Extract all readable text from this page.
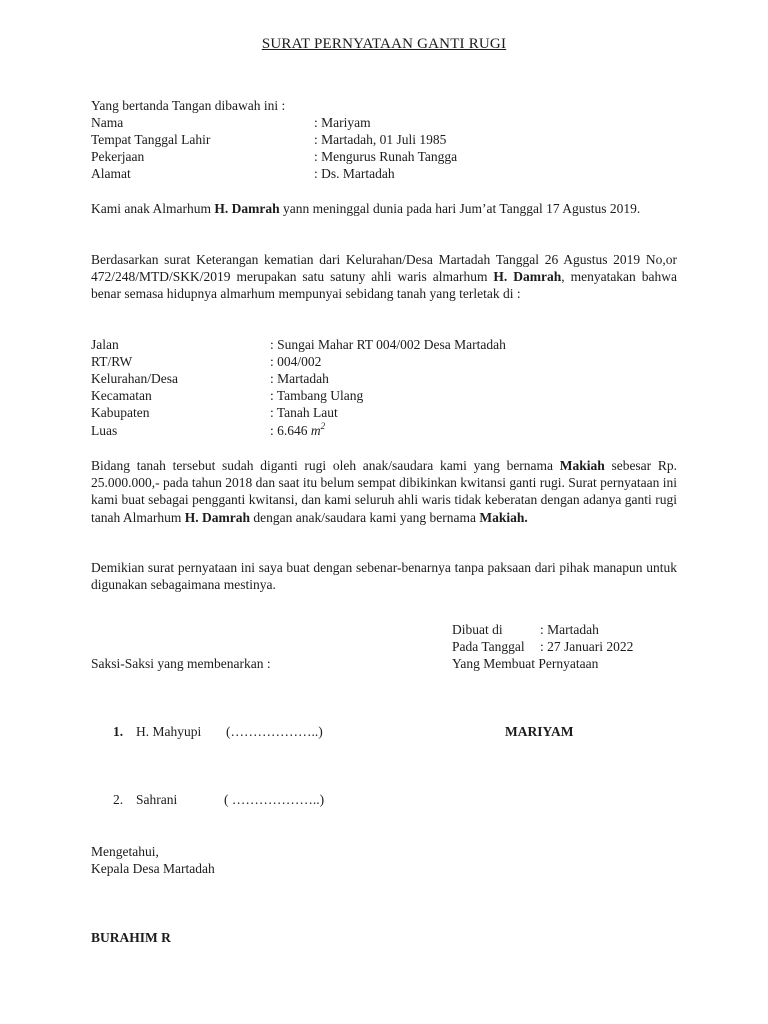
SURAT PERNYATAAN GANTI RUGI
Yang bertanda Tangan dibawah ini :
Nama	: Mariyam
Tempat Tanggal Lahir	: Martadah, 01 Juli 1985
Pekerjaan	: Mengurus Runah Tangga
Alamat	: Ds. Martadah
Kami anak Almarhum H. Damrah yann meninggal dunia pada hari Jum’at Tanggal 17 Agustus 2019.
Berdasarkan surat Keterangan kematian dari Kelurahan/Desa Martadah Tanggal 26 Agustus 2019 No,or 472/248/MTD/SKK/2019 merupakan satu satuny ahli waris almarhum H. Damrah, menyatakan bahwa benar semasa hidupnya almarhum mempunyai sebidang tanah yang terletak di :
Jalan	: Sungai Mahar RT 004/002 Desa Martadah
RT/RW	: 004/002
Kelurahan/Desa	: Martadah
Kecamatan	: Tambang Ulang
Kabupaten	: Tanah Laut
Luas	: 6.646 $m^2$
Bidang tanah tersebut sudah diganti rugi oleh anak/saudara kami yang bernama Makiah sebesar Rp. 25.000.000,- pada tahun 2018 dan saat itu belum sempat dibikinkan kwitansi ganti rugi. Surat pernyataan ini kami buat sebagai pengganti kwitansi, dan kami seluruh ahli waris tidak keberatan dengan adanya ganti rugi tanah Almarhum H. Damrah dengan anak/saudara kami yang bernama Makiah.
Demikian surat pernyataan ini saya buat dengan sebenar-benarnya tanpa paksaan dari pihak manapun untuk digunakan sebagaimana mestinya.
Dibuat di	: Martadah
Pada Tanggal : 27 Januari 2022
Yang Membuat Pernyataan
Saksi-Saksi yang membenarkan :
1. H. Mahyupi (………………..)	MARIYAM
2. Sahrani	( ………………..)
Mengetahui,
Kepala Desa Martadah
BURAHIM R
